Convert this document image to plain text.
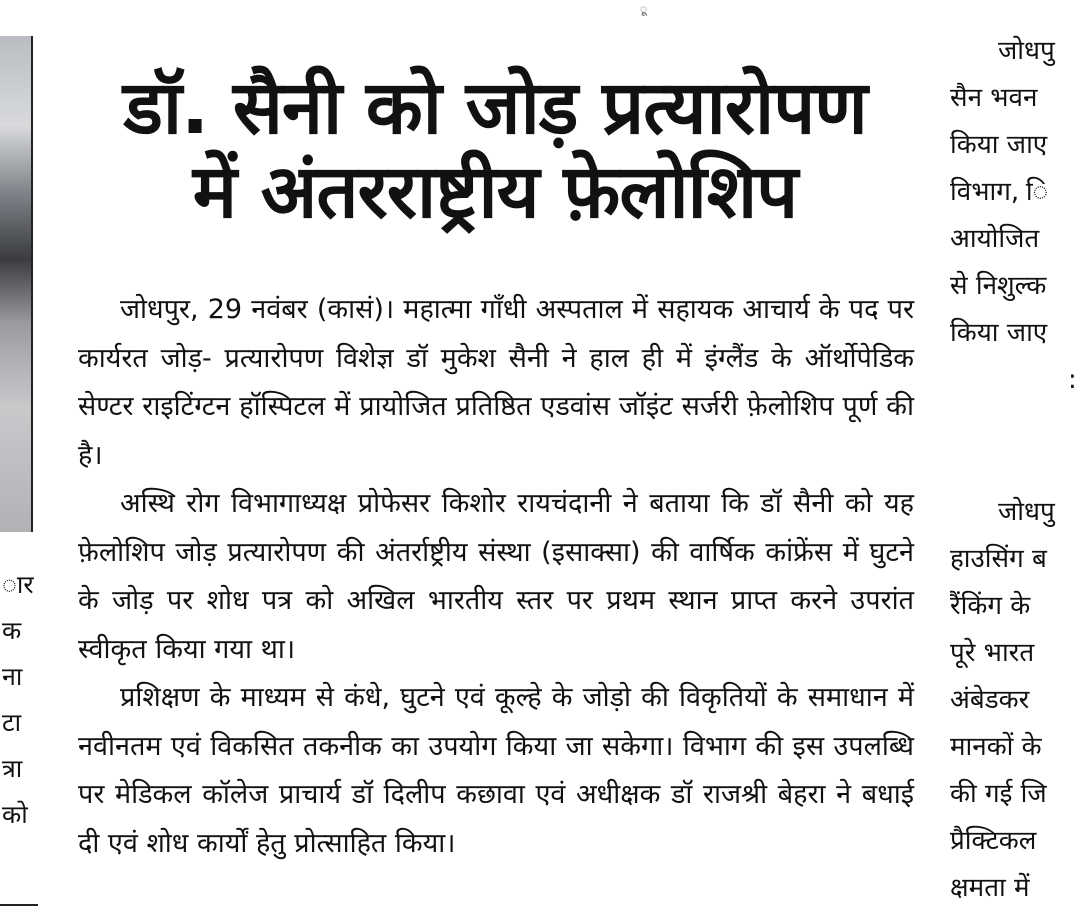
ू
ार
क
ना
टा
त्रा
को
डॉ. सैनी को जोड़ प्रत्यारोपण
में अंतरराष्ट्रीय फ़ेलोशिप

जोधपुर, 29 नवंबर (कासं)। महात्मा गाँधी अस्पताल में सहायक आचार्य के पद पर कार्यरत जोड़- प्रत्यारोपण विशेज्ञ डॉ मुकेश सैनी ने हाल ही में इंग्लैंड के ऑर्थोपेडिक सेण्टर राइटिंग्टन हॉस्पिटल में प्रायोजित प्रतिष्ठित एडवांस जॉइंट सर्जरी फ़ेलोशिप पूर्ण की है।

अस्थि रोग विभागाध्यक्ष प्रोफेसर किशोर रायचंदानी ने बताया कि डॉ सैनी को यह फ़ेलोशिप जोड़ प्रत्यारोपण की अंतर्राष्ट्रीय संस्था (इसाक्सा) की वार्षिक कांफ्रेंस में घुटने के जोड़ पर शोध पत्र को अखिल भारतीय स्तर पर प्रथम स्थान प्राप्त करने उपरांत स्वीकृत किया गया था।

प्रशिक्षण के माध्यम से कंधे, घुटने एवं कूल्हे के जोड़ो की विकृतियों के समाधान में नवीनतम एवं विकसित तकनीक का उपयोग किया जा सकेगा। विभाग की इस उपलब्धि पर मेडिकल कॉलेज प्राचार्य डॉ दिलीप कछावा एवं अधीक्षक डॉ राजश्री बेहरा ने बधाई दी एवं शोध कार्यों हेतु प्रोत्साहित किया।

जोधपु
सैन भवन
किया जाए
विभाग, ि
आयोजित
से निशुल्क
किया जाए
:
जोधपु
हाउसिंग ब
रैंकिंग के
पूरे भारत
अंबेडकर
मानकों के
की गई जि
प्रैक्टिकल
क्षमता में
